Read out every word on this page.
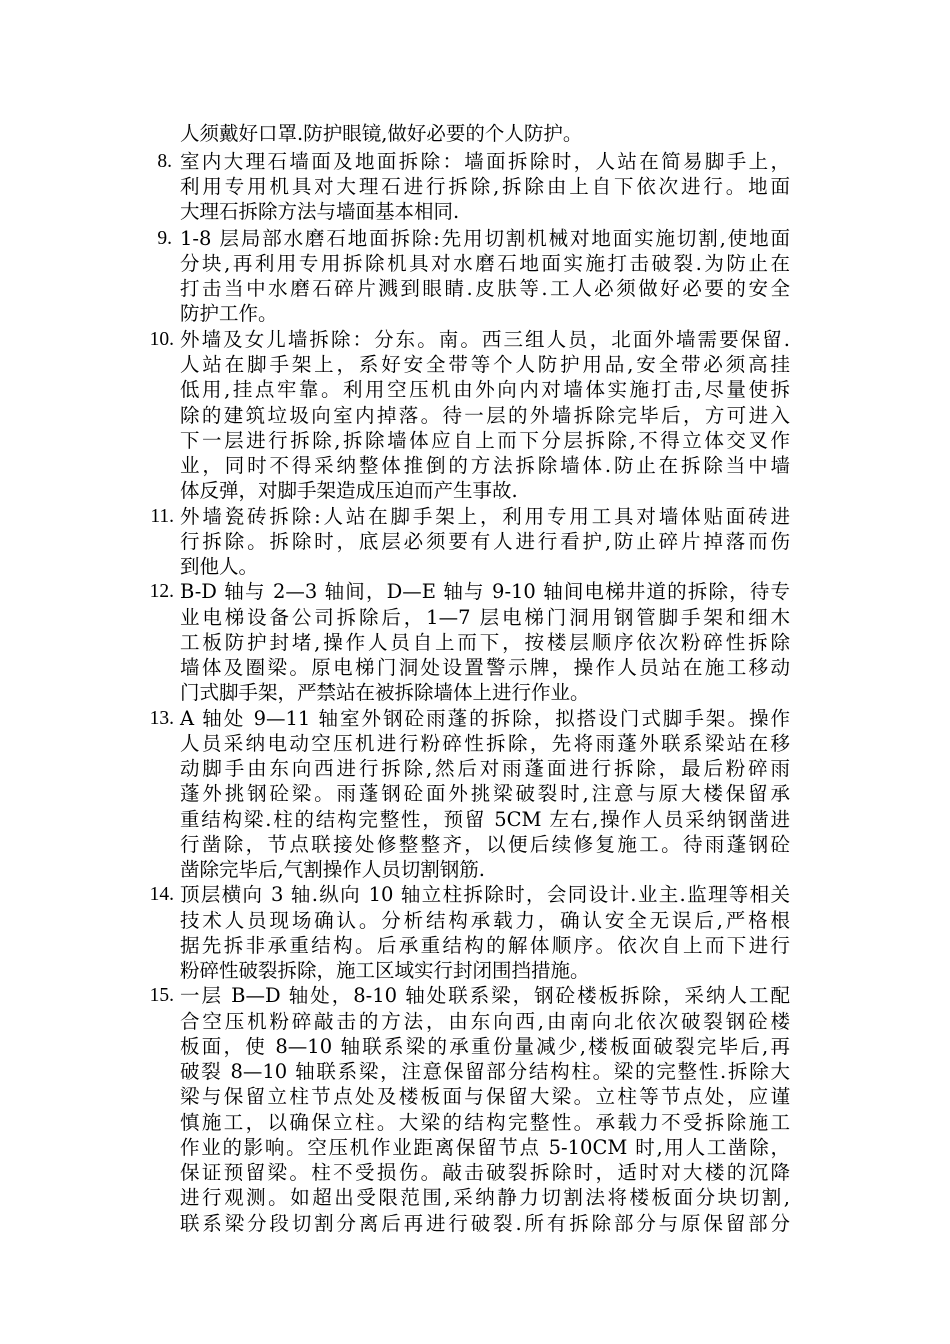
人须戴好口罩.防护眼镜,做好必要的个人防护。
室内大理石墙面及地面拆除：墙面拆除时，人站在简易脚手上，
利用专用机具对大理石进行拆除,拆除由上自下依次进行。地面
大理石拆除方法与墙面基本相同.
1-8 层局部水磨石地面拆除:先用切割机械对地面实施切割,使地面
分块,再利用专用拆除机具对水磨石地面实施打击破裂.为防止在
打击当中水磨石碎片溅到眼睛.皮肤等.工人必须做好必要的安全
防护工作。
外墙及女儿墙拆除：分东。南。西三组人员，北面外墙需要保留.
人站在脚手架上，系好安全带等个人防护用品,安全带必须高挂
低用,挂点牢靠。利用空压机由外向内对墙体实施打击,尽量使拆
除的建筑垃圾向室内掉落。待一层的外墙拆除完毕后，方可进入
下一层进行拆除,拆除墙体应自上而下分层拆除,不得立体交叉作
业，同时不得采纳整体推倒的方法拆除墙体.防止在拆除当中墙
体反弹，对脚手架造成压迫而产生事故.
外墙瓷砖拆除:人站在脚手架上，利用专用工具对墙体贴面砖进
行拆除。拆除时，底层必须要有人进行看护,防止碎片掉落而伤
到他人。
B-D 轴与 2—3 轴间，D—E 轴与 9-10 轴间电梯井道的拆除，待专
业电梯设备公司拆除后，1—7 层电梯门洞用钢管脚手架和细木
工板防护封堵,操作人员自上而下，按楼层顺序依次粉碎性拆除
墙体及圈梁。原电梯门洞处设置警示牌，操作人员站在施工移动
门式脚手架，严禁站在被拆除墙体上进行作业。
A 轴处 9—11 轴室外钢砼雨蓬的拆除，拟搭设门式脚手架。操作
人员采纳电动空压机进行粉碎性拆除，先将雨蓬外联系梁站在移
动脚手由东向西进行拆除,然后对雨蓬面进行拆除，最后粉碎雨
蓬外挑钢砼梁。雨蓬钢砼面外挑梁破裂时,注意与原大楼保留承
重结构梁.柱的结构完整性，预留 5CM 左右,操作人员采纳钢凿进
行凿除，节点联接处修整整齐，以便后续修复施工。待雨蓬钢砼
凿除完毕后,气割操作人员切割钢筋.
顶层横向 3 轴.纵向 10 轴立柱拆除时，会同设计.业主.监理等相关
技术人员现场确认。分析结构承载力，确认安全无误后,严格根
据先拆非承重结构。后承重结构的解体顺序。依次自上而下进行
粉碎性破裂拆除，施工区域实行封闭围挡措施。
一层 B—D 轴处，8-10 轴处联系梁，钢砼楼板拆除，采纳人工配
合空压机粉碎敲击的方法，由东向西,由南向北依次破裂钢砼楼
板面，使 8—10 轴联系梁的承重份量减少,楼板面破裂完毕后,再
破裂 8—10 轴联系梁，注意保留部分结构柱。梁的完整性.拆除大
梁与保留立柱节点处及楼板面与保留大梁。立柱等节点处，应谨
慎施工，以确保立柱。大梁的结构完整性。承载力不受拆除施工
作业的影响。空压机作业距离保留节点 5-10CM 时,用人工凿除，
保证预留梁。柱不受损伤。敲击破裂拆除时，适时对大楼的沉降
进行观测。如超出受限范围,采纳静力切割法将楼板面分块切割,
联系梁分段切割分离后再进行破裂.所有拆除部分与原保留部分
8.
9.
10.
11.
12.
13.
14.
15.
